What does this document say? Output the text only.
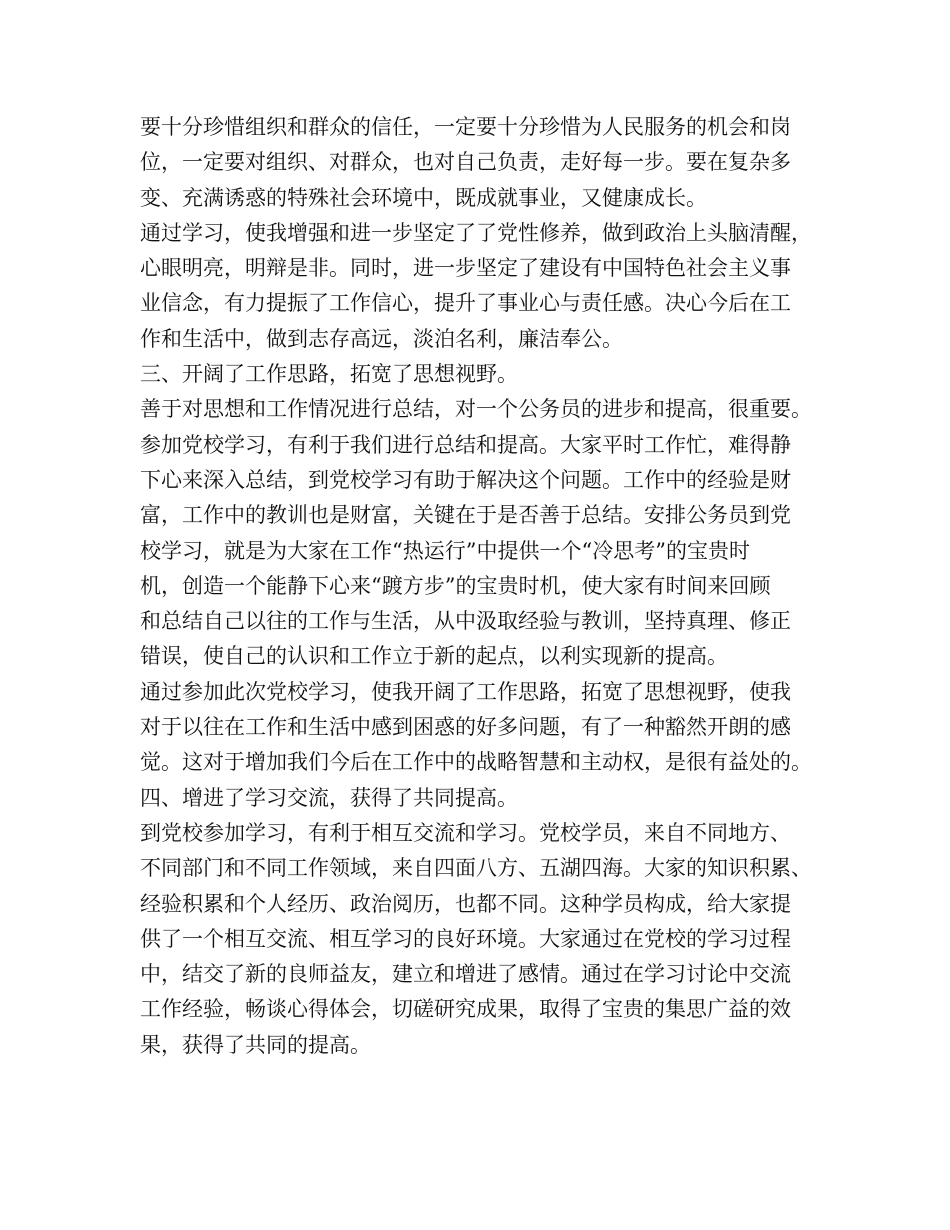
要十分珍惜组织和群众的信任，一定要十分珍惜为人民服务的机会和岗
位，一定要对组织、对群众，也对自己负责，走好每一步。要在复杂多
变、充满诱惑的特殊社会环境中，既成就事业，又健康成长。
通过学习，使我增强和进一步坚定了了党性修养，做到政治上头脑清醒，
心眼明亮，明辩是非。同时，进一步坚定了建设有中国特色社会主义事
业信念，有力提振了工作信心，提升了事业心与责任感。决心今后在工
作和生活中，做到志存高远，淡泊名利，廉洁奉公。
三、开阔了工作思路，拓宽了思想视野。
善于对思想和工作情况进行总结，对一个公务员的进步和提高，很重要。
参加党校学习，有利于我们进行总结和提高。大家平时工作忙，难得静
下心来深入总结，到党校学习有助于解决这个问题。工作中的经验是财
富，工作中的教训也是财富，关键在于是否善于总结。安排公务员到党
校学习，就是为大家在工作“热运行”中提供一个“冷思考”的宝贵时
机，创造一个能静下心来“踱方步”的宝贵时机，使大家有时间来回顾
和总结自己以往的工作与生活，从中汲取经验与教训，坚持真理、修正
错误，使自己的认识和工作立于新的起点，以利实现新的提高。
通过参加此次党校学习，使我开阔了工作思路，拓宽了思想视野，使我
对于以往在工作和生活中感到困惑的好多问题，有了一种豁然开朗的感
觉。这对于增加我们今后在工作中的战略智慧和主动权，是很有益处的。
四、增进了学习交流，获得了共同提高。
到党校参加学习，有利于相互交流和学习。党校学员，来自不同地方、
不同部门和不同工作领域，来自四面八方、五湖四海。大家的知识积累、
经验积累和个人经历、政治阅历，也都不同。这种学员构成，给大家提
供了一个相互交流、相互学习的良好环境。大家通过在党校的学习过程
中，结交了新的良师益友，建立和增进了感情。通过在学习讨论中交流
工作经验，畅谈心得体会，切磋研究成果，取得了宝贵的集思广益的效
果，获得了共同的提高。
